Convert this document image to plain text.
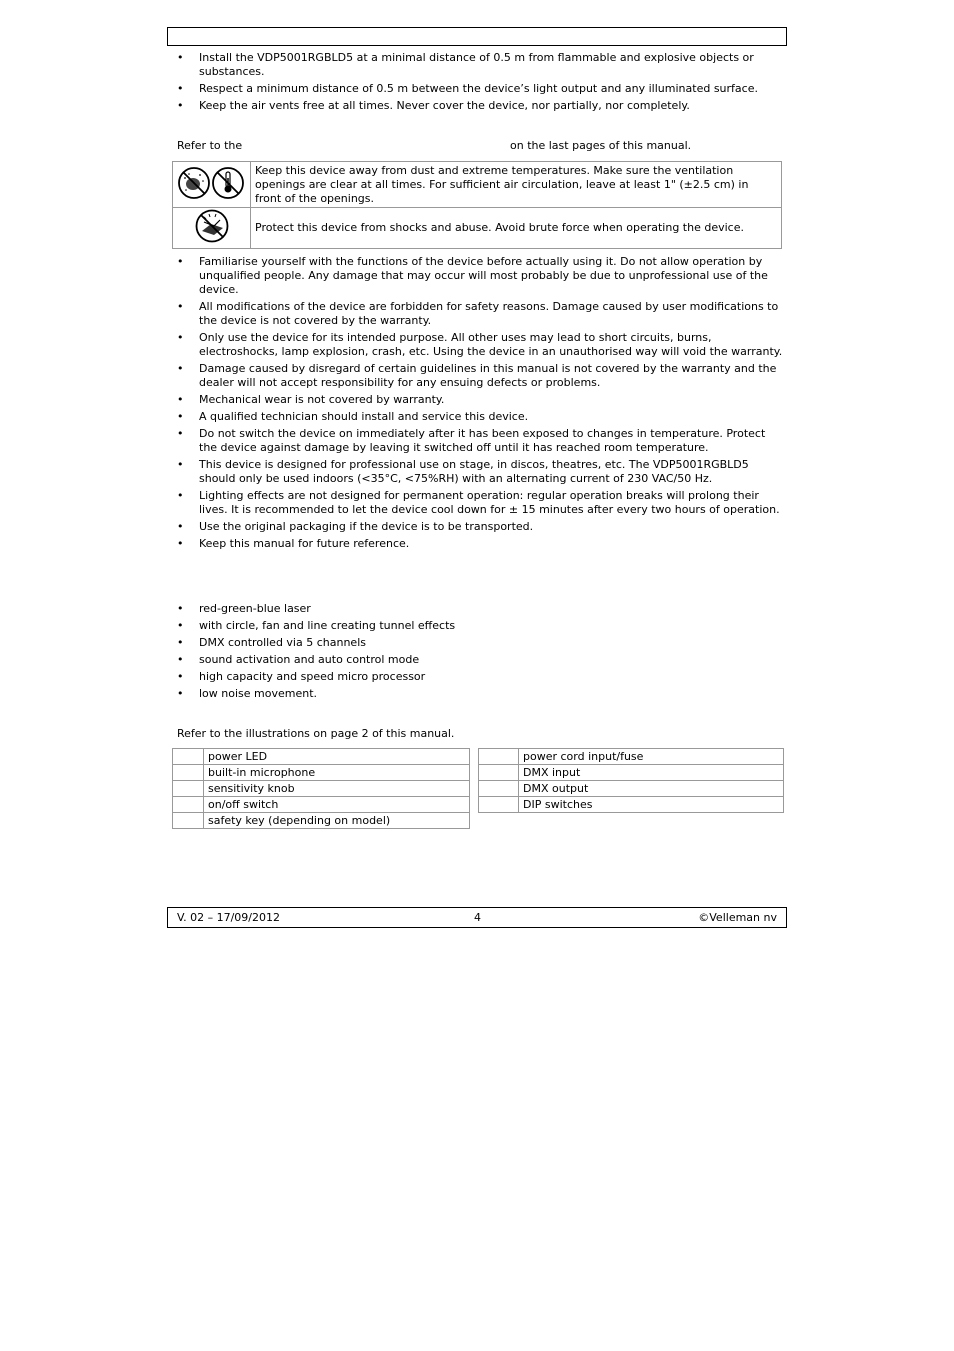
• Install the VDP5001RGBLD5 at a minimal distance of 0.5 m from flammable and explosive objects or substances.
• Respect a minimum distance of 0.5 m between the device’s light output and any illuminated surface.
• Keep the air vents free at all times. Never cover the device, nor partially, nor completely.
Refer to the	on the last pages of this manual.
	Keep this device away from dust and extreme temperatures. Make sure the ventilation openings are clear at all times. For sufficient air circulation, leave at least 1" (±2.5 cm) in front of the openings.
	Protect this device from shocks and abuse. Avoid brute force when operating the device.
• Familiarise yourself with the functions of the device before actually using it. Do not allow operation by unqualified people. Any damage that may occur will most probably be due to unprofessional use of the device.
• All modifications of the device are forbidden for safety reasons. Damage caused by user modifications to the device is not covered by the warranty.
• Only use the device for its intended purpose. All other uses may lead to short circuits, burns, electroshocks, lamp explosion, crash, etc. Using the device in an unauthorised way will void the warranty.
• Damage caused by disregard of certain guidelines in this manual is not covered by the warranty and the dealer will not accept responsibility for any ensuing defects or problems.
• Mechanical wear is not covered by warranty.
• A qualified technician should install and service this device.
• Do not switch the device on immediately after it has been exposed to changes in temperature. Protect the device against damage by leaving it switched off until it has reached room temperature.
• This device is designed for professional use on stage, in discos, theatres, etc. The VDP5001RGBLD5 should only be used indoors (<35°C, <75%RH) with an alternating current of 230 VAC/50 Hz.
• Lighting effects are not designed for permanent operation: regular operation breaks will prolong their lives. It is recommended to let the device cool down for ± 15 minutes after every two hours of operation.
• Use the original packaging if the device is to be transported.
• Keep this manual for future reference.
• red-green-blue laser
• with circle, fan and line creating tunnel effects
• DMX controlled via 5 channels
• sound activation and auto control mode
• high capacity and speed micro processor
• low noise movement.
Refer to the illustrations on page 2 of this manual.
	power LED
	built-in microphone
	sensitivity knob
	on/off switch
	safety key (depending on model)
	power cord input/fuse
	DMX input
	DMX output
	DIP switches
V. 02 – 17/09/2012	4	©Velleman nv
